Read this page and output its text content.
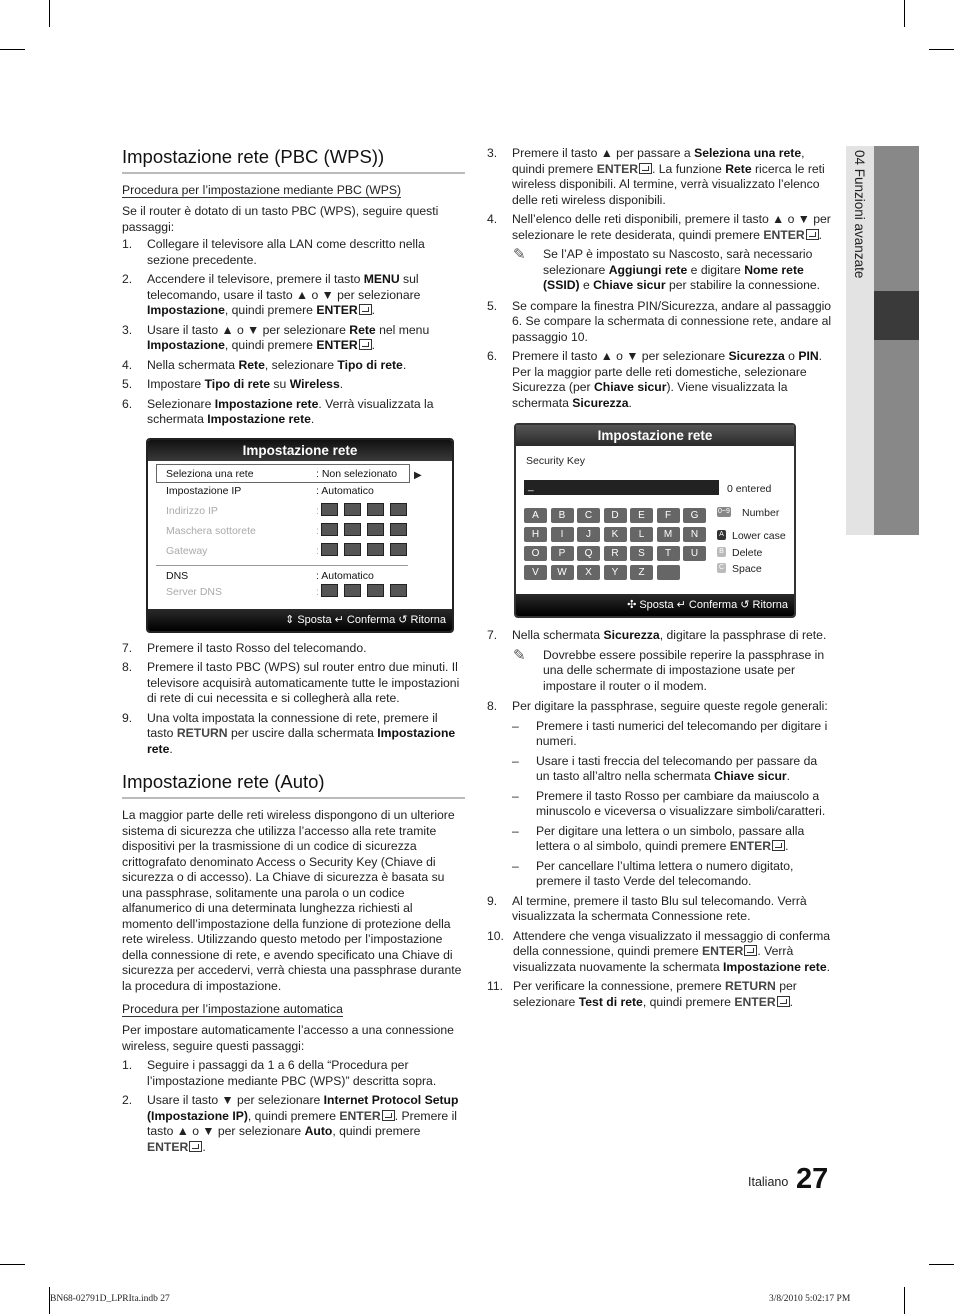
04 Funzioni avanzate
Impostazione rete (PBC (WPS))
Procedura per l’impostazione mediante PBC (WPS)

Se il router è dotato di un tasto PBC (WPS), seguire questi passaggi:

1.	Collegare il televisore alla LAN come descritto nella sezione precedente.
2.	Accendere il televisore, premere il tasto MENU sul telecomando, usare il tasto ▲ o ▼ per selezionare Impostazione, quindi premere ENTER .
3.	Usare il tasto ▲ o ▼ per selezionare Rete nel menu Impostazione, quindi premere ENTER .
4.	Nella schermata Rete, selezionare Tipo di rete.
5.	Impostare Tipo di rete su Wireless.
6.	Selezionare Impostazione rete. Verrà visualizzata la schermata Impostazione rete.
Impostazione rete
▶
Seleziona una rete	: Non selezionato
Impostazione IP	: Automatico
Indirizzo IP	:
Maschera sottorete	:
Gateway	:
DNS	: Automatico
Server DNS	:
⇕ Sposta ↵ Conferma ↺ Ritorna
7.	Premere il tasto Rosso del telecomando.
8.	Premere il tasto PBC (WPS) sul router entro due minuti. Il televisore acquisirà automaticamente tutte le impostazioni di rete di cui necessita e si collegherà alla rete.
9.	Una volta impostata la connessione di rete, premere il tasto RETURN per uscire dalla schermata Impostazione rete.
Impostazione rete (Auto)

La maggior parte delle reti wireless dispongono di un ulteriore sistema di sicurezza che utilizza l’accesso alla rete tramite dispositivi per la trasmissione di un codice di sicurezza crittografato denominato Access o Security Key (Chiave di sicurezza o di accesso). La Chiave di sicurezza è basata su una passphrase, solitamente una parola o un codice alfanumerico di una determinata lunghezza richiesti al momento dell’impostazione della funzione di protezione della rete wireless. Utilizzando questo metodo per l’impostazione della connessione di rete, e avendo specificato una Chiave di sicurezza per accedervi, verrà chiesta una passphrase durante la procedura di impostazione.

Procedura per l’impostazione automatica

Per impostare automaticamente l’accesso a una connessione wireless, seguire questi passaggi:

1.	Seguire i passaggi da 1 a 6 della “Procedura per l’impostazione mediante PBC (WPS)” descritta sopra.
2.	Usare il tasto ▼ per selezionare Internet Protocol Setup (Impostazione IP), quindi premere ENTER . Premere il tasto ▲ o ▼ per selezionare Auto, quindi premere ENTER .
3.	Premere il tasto ▲ per passare a Seleziona una rete, quindi premere ENTER . La funzione Rete ricerca le reti wireless disponibili. Al termine, verrà visualizzato l’elenco delle reti wireless disponibili.
4.	Nell’elenco delle reti disponibili, premere il tasto ▲ o ▼ per selezionare le rete desiderata, quindi premere ENTER .
✎	Se l’AP è impostato su Nascosto, sarà necessario selezionare Aggiungi rete e digitare Nome rete (SSID) e Chiave sicur per stabilire la connessione.
5.	Se compare la finestra PIN/Sicurezza, andare al passaggio 6. Se compare la schermata di connessione rete, andare al passaggio 10.
6.	Premere il tasto ▲ o ▼ per selezionare Sicurezza o PIN. Per la maggior parte delle reti domestiche, selezionare Sicurezza (per Chiave sicur). Viene visualizzata la schermata Sicurezza.
Impostazione rete
Security Key
_	0 entered
A	B	C	D	E	F	G
H	I	J	K	L	M	N
O	P	Q	R	S	T	U
V	W	X	Y	Z
0~9 Number
A Lower case
B Delete
C Space
✣ Sposta ↵ Conferma ↺ Ritorna
7.	Nella schermata Sicurezza, digitare la passphrase di rete.
✎	Dovrebbe essere possibile reperire la passphrase in una delle schermate di impostazione usate per impostare il router o il modem.
8.	Per digitare la passphrase, seguire queste regole generali:
–	Premere i tasti numerici del telecomando per digitare i numeri.
–	Usare i tasti freccia del telecomando per passare da un tasto all’altro nella schermata Chiave sicur.
–	Premere il tasto Rosso per cambiare da maiuscolo a minuscolo e viceversa o visualizzare simboli/caratteri.
–	Per digitare una lettera o un simbolo, passare alla lettera o al simbolo, quindi premere ENTER .
–	Per cancellare l’ultima lettera o numero digitato, premere il tasto Verde del telecomando.
9.	Al termine, premere il tasto Blu sul telecomando. Verrà visualizzata la schermata Connessione rete.
10. Attendere che venga visualizzato il messaggio di conferma della connessione, quindi premere ENTER . Verrà visualizzata nuovamente la schermata Impostazione rete.
11. Per verificare la connessione, premere RETURN per selezionare Test di rete, quindi premere ENTER .
Italiano 27
BN68-02791D_LPRIta.indb 27	3/8/2010 5:02:17 PM
